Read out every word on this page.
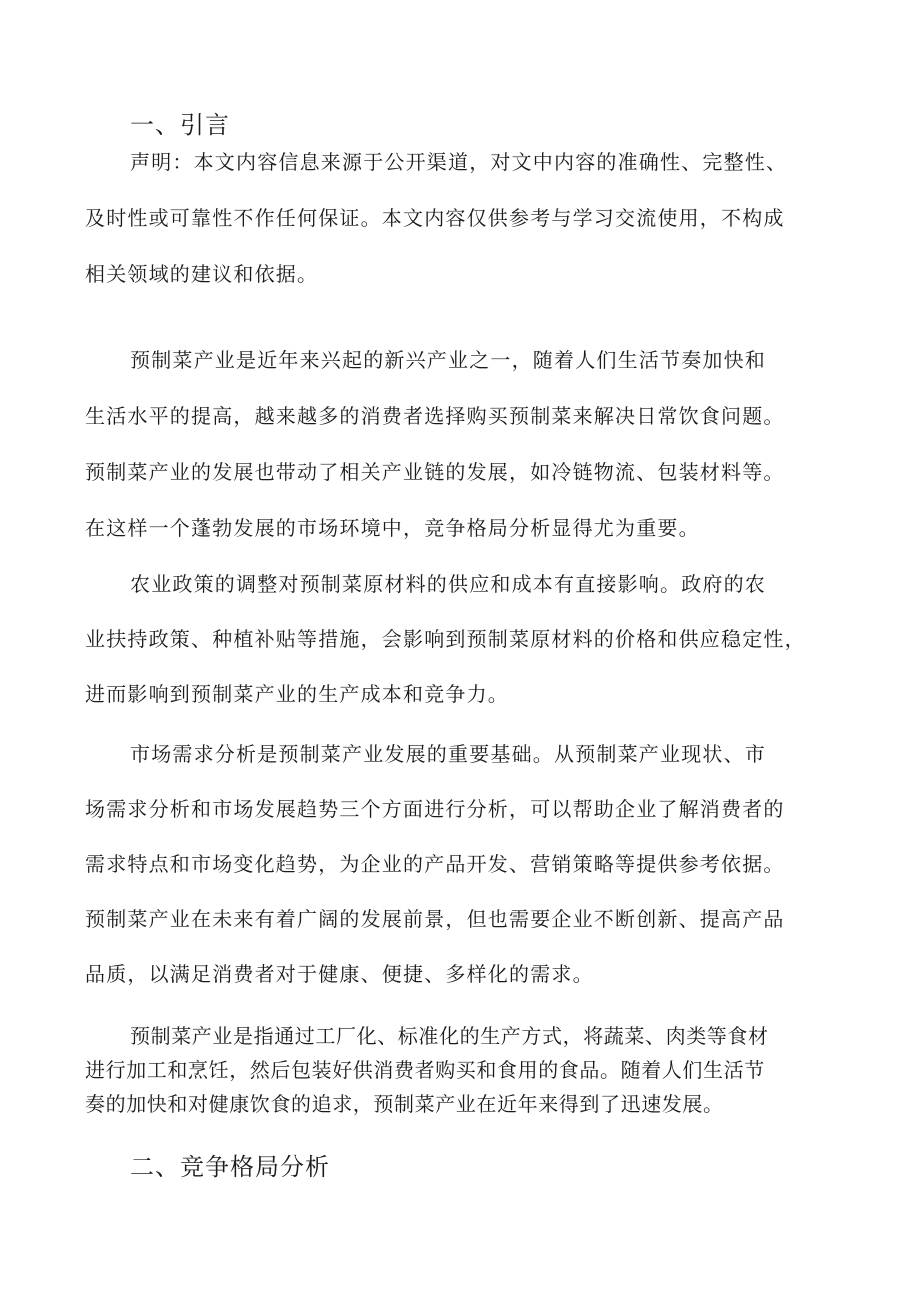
一、引言
声明：本文内容信息来源于公开渠道，对文中内容的准确性、完整性、
及时性或可靠性不作任何保证。本文内容仅供参考与学习交流使用，不构成
相关领域的建议和依据。
预制菜产业是近年来兴起的新兴产业之一，随着人们生活节奏加快和
生活水平的提高，越来越多的消费者选择购买预制菜来解决日常饮食问题。
预制菜产业的发展也带动了相关产业链的发展，如冷链物流、包装材料等。
在这样一个蓬勃发展的市场环境中，竞争格局分析显得尤为重要。
农业政策的调整对预制菜原材料的供应和成本有直接影响。政府的农
业扶持政策、种植补贴等措施，会影响到预制菜原材料的价格和供应稳定性，
进而影响到预制菜产业的生产成本和竞争力。
市场需求分析是预制菜产业发展的重要基础。从预制菜产业现状、市
场需求分析和市场发展趋势三个方面进行分析，可以帮助企业了解消费者的
需求特点和市场变化趋势，为企业的产品开发、营销策略等提供参考依据。
预制菜产业在未来有着广阔的发展前景，但也需要企业不断创新、提高产品
品质，以满足消费者对于健康、便捷、多样化的需求。
预制菜产业是指通过工厂化、标准化的生产方式，将蔬菜、肉类等食材
进行加工和烹饪，然后包装好供消费者购买和食用的食品。随着人们生活节
奏的加快和对健康饮食的追求，预制菜产业在近年来得到了迅速发展。
二、竞争格局分析
